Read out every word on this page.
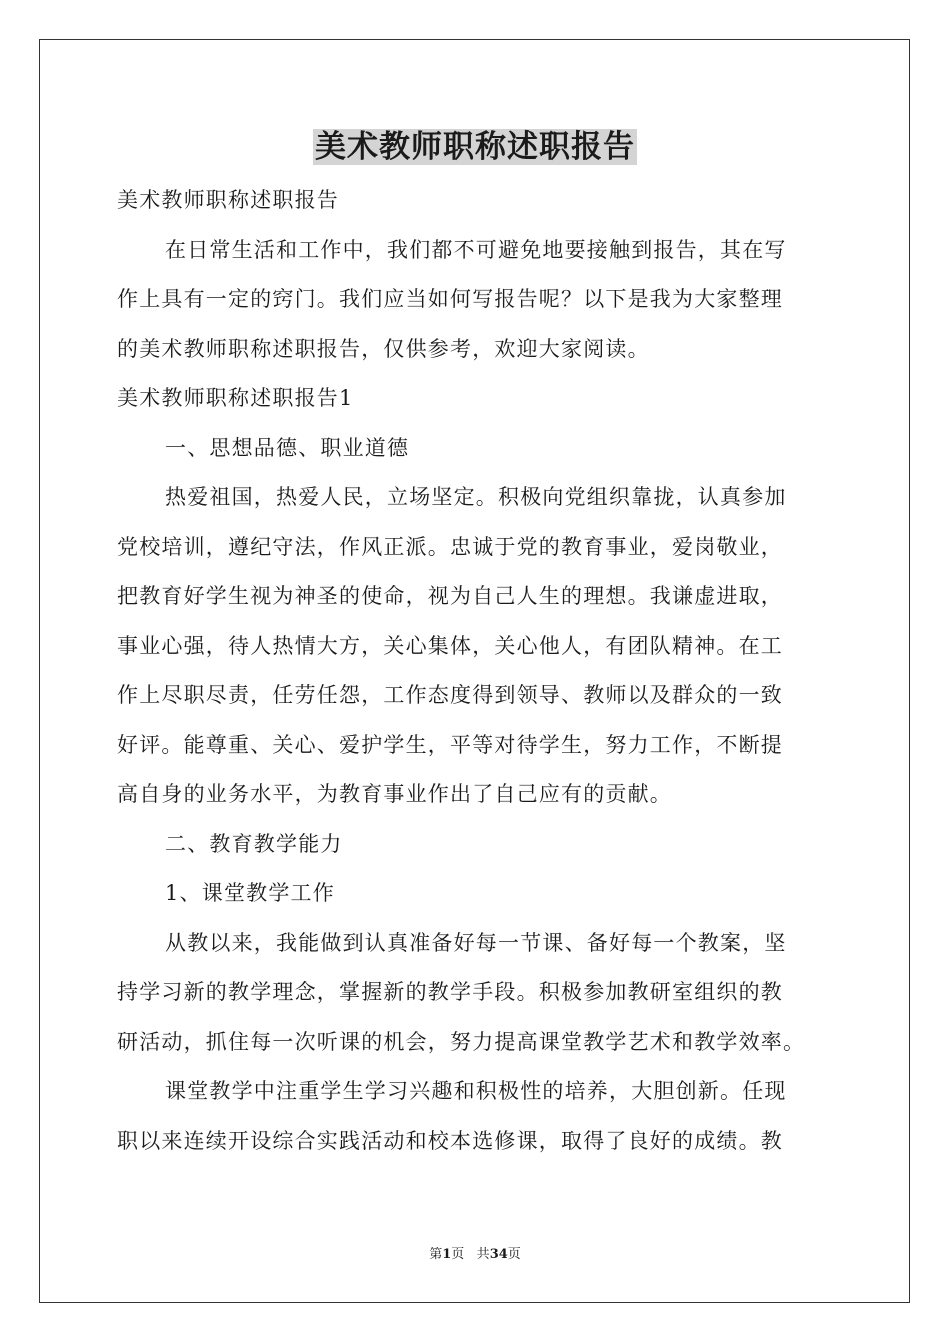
美术教师职称述职报告
美术教师职称述职报告
在日常生活和工作中，我们都不可避免地要接触到报告，其在写
作上具有一定的窍门。我们应当如何写报告呢？以下是我为大家整理
的美术教师职称述职报告，仅供参考，欢迎大家阅读。
美术教师职称述职报告1
一、思想品德、职业道德
热爱祖国，热爱人民，立场坚定。积极向党组织靠拢，认真参加
党校培训，遵纪守法，作风正派。忠诚于党的教育事业，爱岗敬业，
把教育好学生视为神圣的使命，视为自己人生的理想。我谦虚进取，
事业心强，待人热情大方，关心集体，关心他人，有团队精神。在工
作上尽职尽责，任劳任怨，工作态度得到领导、教师以及群众的一致
好评。能尊重、关心、爱护学生，平等对待学生，努力工作，不断提
高自身的业务水平，为教育事业作出了自己应有的贡献。
二、教育教学能力
1、课堂教学工作
从教以来，我能做到认真准备好每一节课、备好每一个教案，坚
持学习新的教学理念，掌握新的教学手段。积极参加教研室组织的教
研活动，抓住每一次听课的机会，努力提高课堂教学艺术和教学效率。
课堂教学中注重学生学习兴趣和积极性的培养，大胆创新。任现
职以来连续开设综合实践活动和校本选修课，取得了良好的成绩。教
第1页 共34页
